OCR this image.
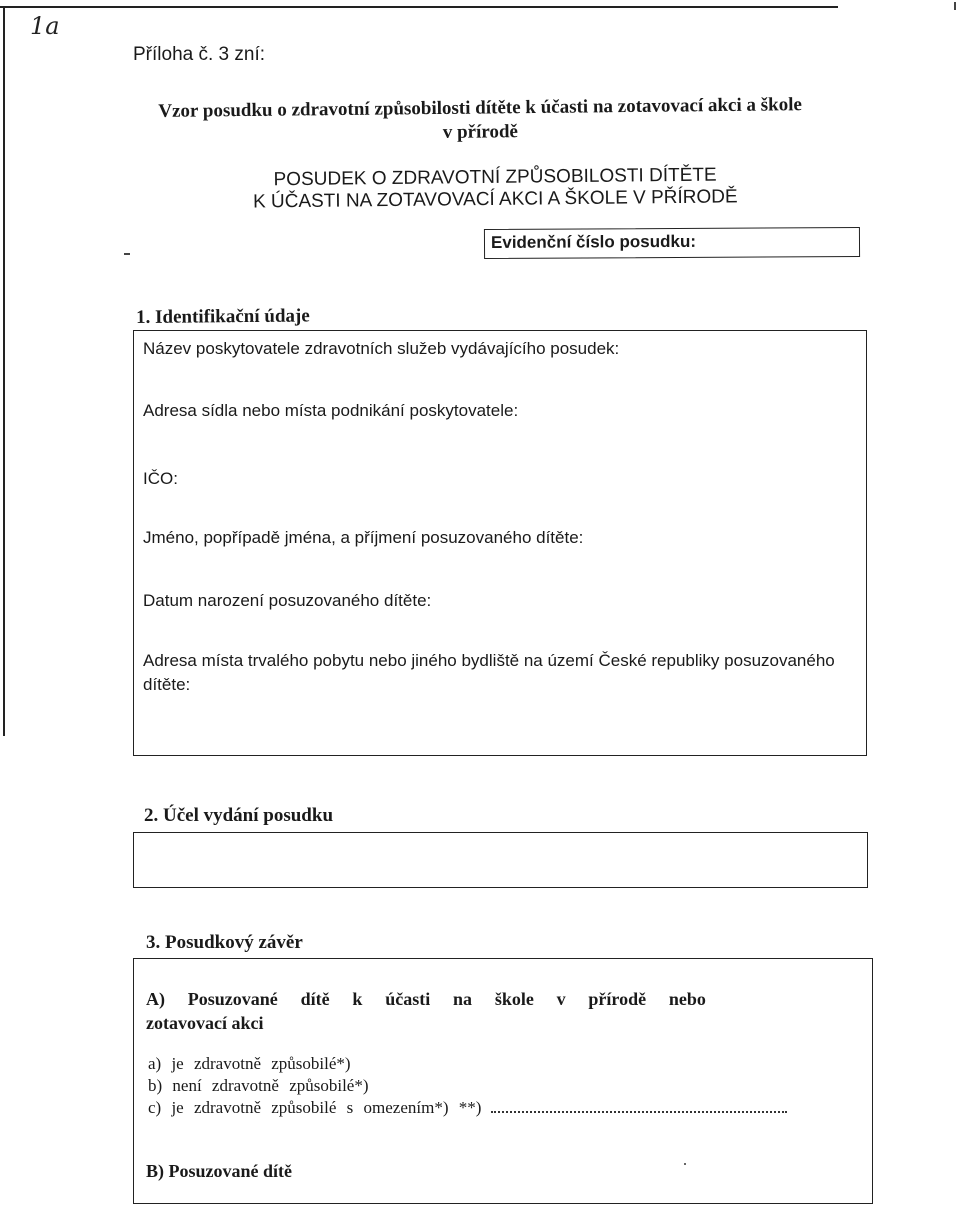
1a
Příloha č. 3 zní:
Vzor posudku o zdravotní způsobilosti dítěte k účasti na zotavovací akci a škole
v přírodě
POSUDEK O ZDRAVOTNÍ ZPŮSOBILOSTI DÍTĚTE
K ÚČASTI NA ZOTAVOVACÍ AKCI A ŠKOLE V PŘÍRODĚ
Evidenční číslo posudku:
1. Identifikační údaje
Název poskytovatele zdravotních služeb vydávajícího posudek:
Adresa sídla nebo místa podnikání poskytovatele:
IČO:
Jméno, popřípadě jména, a příjmení posuzovaného dítěte:
Datum narození posuzovaného dítěte:
Adresa místa trvalého pobytu nebo jiného bydliště na území České republiky posuzovaného dítěte:
2. Účel vydání posudku
3. Posudkový závěr
A) Posuzované dítě k účasti na škole v přírodě nebo
zotavovací akci
a) je zdravotně způsobilé*)
b) není zdravotně způsobilé*)
c) je zdravotně způsobilé s omezením*) **)
B) Posuzované dítě
